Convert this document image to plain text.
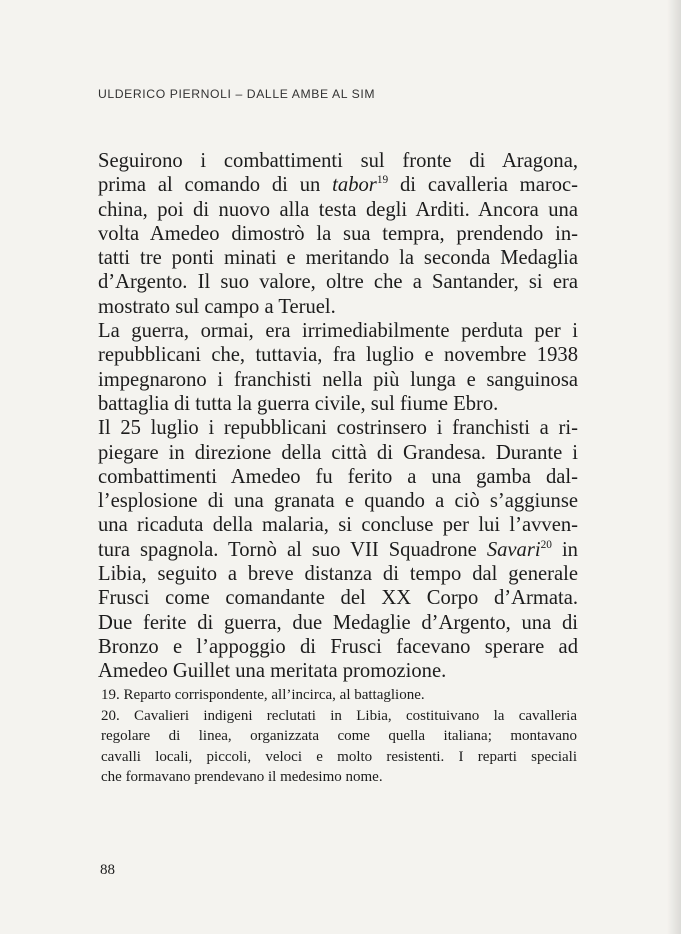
ULDERICO PIERNOLI – DALLE AMBE AL SIM

Seguirono i combattimenti sul fronte di Aragona,
prima al comando di un tabor$^{19}$ di cavalleria maroc-
china, poi di nuovo alla testa degli Arditi. Ancora una
volta Amedeo dimostrò la sua tempra, prendendo in-
tatti tre ponti minati e meritando la seconda Medaglia
d’Argento. Il suo valore, oltre che a Santander, si era
mostrato sul campo a Teruel.

La guerra, ormai, era irrimediabilmente perduta per i
repubblicani che, tuttavia, fra luglio e novembre 1938
impegnarono i franchisti nella più lunga e sanguinosa
battaglia di tutta la guerra civile, sul fiume Ebro.

Il 25 luglio i repubblicani costrinsero i franchisti a ri-
piegare in direzione della città di Grandesa. Durante i
combattimenti Amedeo fu ferito a una gamba dal-
l’esplosione di una granata e quando a ciò s’aggiunse
una ricaduta della malaria, si concluse per lui l’avven-
tura spagnola. Tornò al suo VII Squadrone Savari$^{20}$ in
Libia, seguito a breve distanza di tempo dal generale
Frusci come comandante del XX Corpo d’Armata.
Due ferite di guerra, due Medaglie d’Argento, una di
Bronzo e l’appoggio di Frusci facevano sperare ad
Amedeo Guillet una meritata promozione.

19. Reparto corrispondente, all’incirca, al battaglione.

20. Cavalieri indigeni reclutati in Libia, costituivano la cavalleria
regolare di linea, organizzata come quella italiana; montavano
cavalli locali, piccoli, veloci e molto resistenti. I reparti speciali
che formavano prendevano il medesimo nome.

88
